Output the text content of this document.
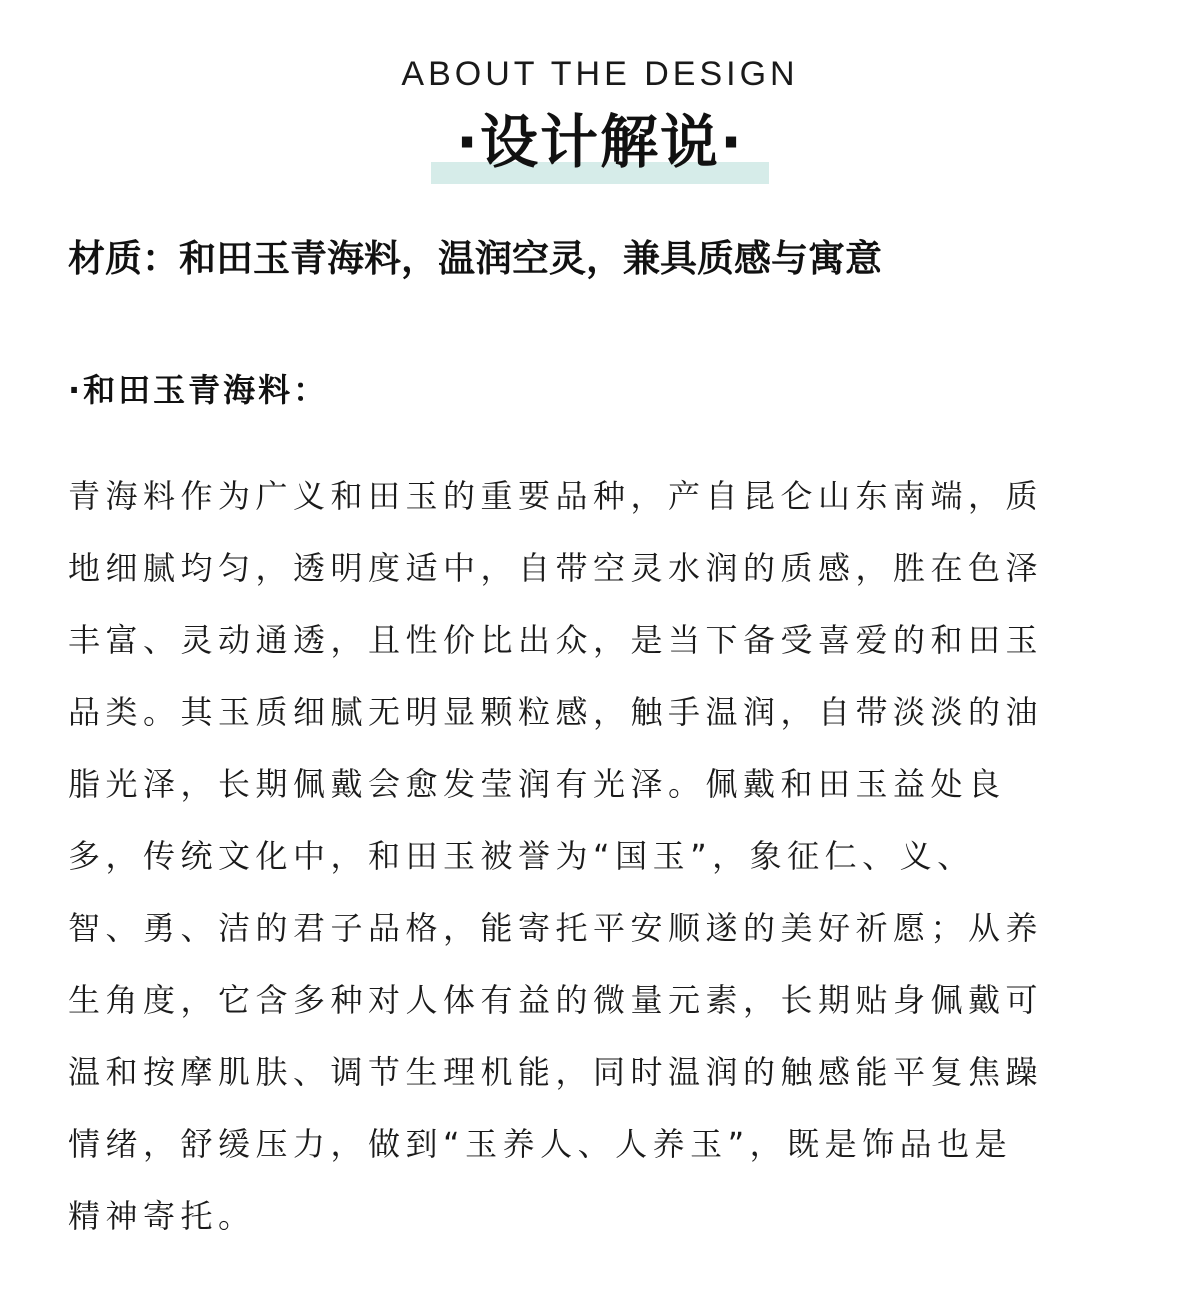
ABOUT THE DESIGN
·设计解说·
材质：和田玉青海料，温润空灵，兼具质感与寓意
·和田玉青海料：
青海料作为广义和田玉的重要品种，产自昆仑山东南端，质
地细腻均匀，透明度适中，自带空灵水润的质感，胜在色泽
丰富、灵动通透，且性价比出众，是当下备受喜爱的和田玉
品类。其玉质细腻无明显颗粒感，触手温润，自带淡淡的油
脂光泽，长期佩戴会愈发莹润有光泽。佩戴和田玉益处良
多，传统文化中，和田玉被誉为“国玉”，象征仁、义、
智、勇、洁的君子品格，能寄托平安顺遂的美好祈愿；从养
生角度，它含多种对人体有益的微量元素，长期贴身佩戴可
温和按摩肌肤、调节生理机能，同时温润的触感能平复焦躁
情绪，舒缓压力，做到“玉养人、人养玉”，既是饰品也是
精神寄托。
